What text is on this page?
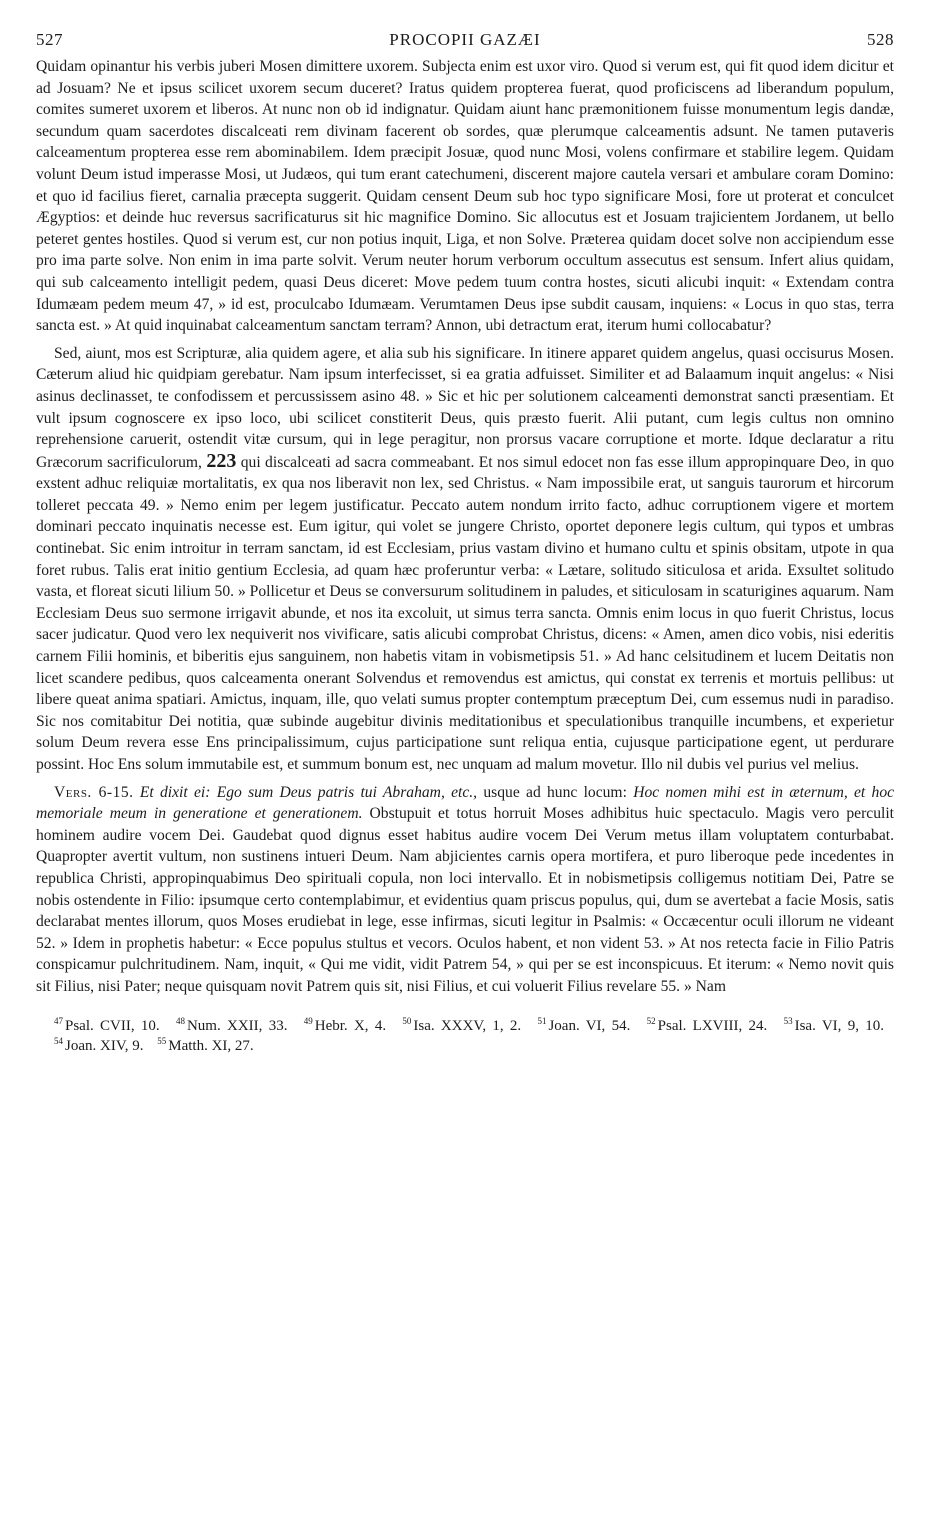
527	PROCOPII GAZÆI	528

Quidam opinantur his verbis juberi Mosen dimittere uxorem. Subjecta enim est uxor viro. Quod si verum est, qui fit quod idem dicitur et ad Josuam? Ne et ipsus scilicet uxorem secum duceret? Iratus quidem propterea fuerat, quod proficiscens ad liberandum populum, comites sumeret uxorem et liberos. At nunc non ob id indignatur. Quidam aiunt hanc præmonitionem fuisse monumentum legis dandæ, secundum quam sacerdotes discalceati rem divinam facerent ob sordes, quæ plerumque calceamentis adsunt. Ne tamen putaveris calceamentum propterea esse rem abominabilem. Idem præcipit Josuæ, quod nunc Mosi, volens confirmare et stabilire legem. Quidam volunt Deum istud imperasse Mosi, ut Judæos, qui tum erant catechumeni, discerent majore cautela versari et ambulare coram Domino: et quo id facilius fieret, carnalia præcepta suggerit. Quidam censent Deum sub hoc typo significare Mosi, fore ut proterat et conculcet Ægyptios: et deinde huc reversus sacrificaturus sit hic magnifice Domino. Sic allocutus est et Josuam trajicientem Jordanem, ut bello peteret gentes hostiles. Quod si verum est, cur non potius inquit, Liga, et non Solve. Præterea quidam docet solve non accipiendum esse pro ima parte solve. Non enim in ima parte solvit. Verum neuter horum verborum occultum assecutus est sensum. Infert alius quidam, qui sub calceamento intelligit pedem, quasi Deus diceret: Move pedem tuum contra hostes, sicuti alicubi inquit: « Extendam contra Idumæam pedem meum 47, » id est, proculcabo Idumæam. Verumtamen Deus ipse subdit causam, inquiens: « Locus in quo stas, terra sancta est. » At quid inquinabat calceamentum sanctam terram? Annon, ubi detractum erat, iterum humi collocabatur?

Sed, aiunt, mos est Scripturæ, alia quidem agere, et alia sub his significare. In itinere apparet quidem angelus, quasi occisurus Mosen. Cæterum aliud hic quidpiam gerebatur. Nam ipsum interfecisset, si ea gratia adfuisset. Similiter et ad Balaamum inquit angelus: « Nisi asinus declinasset, te confodissem et percussissem asino 48. » Sic et hic per solutionem calceamenti demonstrat sancti præsentiam. Et vult ipsum cognoscere ex ipso loco, ubi scilicet constiterit Deus, quis præsto fuerit. Alii putant, cum legis cultus non omnino reprehensione caruerit, ostendit vitæ cursum, qui in lege peragitur, non prorsus vacare corruptione et morte. Idque declaratur a ritu Græcorum sacrificulorum, 223 qui discalceati ad sacra commeabant. Et nos simul edocet non fas esse illum appropinquare Deo, in quo exstent adhuc reliquiæ mortalitatis, ex qua nos liberavit non lex, sed Christus. « Nam impossibile erat, ut sanguis taurorum et hircorum tolleret peccata 49. » Nemo enim per legem justificatur. Peccato autem nondum irrito facto, adhuc corruptionem vigere et mortem dominari peccato inquinatis necesse est. Eum igitur, qui volet se jungere Christo, oportet deponere legis cultum, qui typos et umbras continebat. Sic enim introitur in terram sanctam, id est Ecclesiam, prius vastam divino et humano cultu et spinis obsitam, utpote in qua foret rubus. Talis erat initio gentium Ecclesia, ad quam hæc proferuntur verba: « Lætare, solitudo siticulosa et arida. Exsultet solitudo vasta, et floreat sicuti lilium 50. » Pollicetur et Deus se conversurum solitudinem in paludes, et siticulosam in scaturigines aquarum. Nam Ecclesiam Deus suo sermone irrigavit abunde, et nos ita excoluit, ut simus terra sancta. Omnis enim locus in quo fuerit Christus, locus sacer judicatur. Quod vero lex nequiverit nos vivificare, satis alicubi comprobat Christus, dicens: « Amen, amen dico vobis, nisi ederitis carnem Filii hominis, et biberitis ejus sanguinem, non habetis vitam in vobismetipsis 51. » Ad hanc celsitudinem et lucem Deitatis non licet scandere pedibus, quos calceamenta onerant Solvendus et removendus est amictus, qui constat ex terrenis et mortuis pellibus: ut libere queat anima spatiari. Amictus, inquam, ille, quo velati sumus propter contemptum præceptum Dei, cum essemus nudi in paradiso. Sic nos comitabitur Dei notitia, quæ subinde augebitur divinis meditationibus et speculationibus tranquille incumbens, et experietur solum Deum revera esse Ens principalissimum, cujus participatione sunt reliqua entia, cujusque participatione egent, ut perdurare possint. Hoc Ens solum immutabile est, et summum bonum est, nec unquam ad malum movetur. Illo nil dubis vel purius vel melius.

Vers. 6-15. Et dixit ei: Ego sum Deus patris tui Abraham, etc., usque ad hunc locum: Hoc nomen mihi est in æternum, et hoc memoriale meum in generatione et generationem. Obstupuit et totus horruit Moses adhibitus huic spectaculo. Magis vero perculit hominem audire vocem Dei. Gaudebat quod dignus esset habitus audire vocem Dei Verum metus illam voluptatem conturbabat. Quapropter avertit vultum, non sustinens intueri Deum. Nam abjicientes carnis opera mortifera, et puro liberoque pede incedentes in republica Christi, appropinquabimus Deo spirituali copula, non loci intervallo. Et in nobismetipsis colligemus notitiam Dei, Patre se nobis ostendente in Filio: ipsumque certo contemplabimur, et evidentius quam priscus populus, qui, dum se avertebat a facie Mosis, satis declarabat mentes illorum, quos Moses erudiebat in lege, esse infirmas, sicuti legitur in Psalmis: « Occæcentur oculi illorum ne videant 52. » Idem in prophetis habetur: « Ecce populus stultus et vecors. Oculos habent, et non vident 53. » At nos retecta facie in Filio Patris conspicamur pulchritudinem. Nam, inquit, « Qui me vidit, vidit Patrem 54, » qui per se est inconspicuus. Et iterum: « Nemo novit quis sit Filius, nisi Pater; neque quisquam novit Patrem quis sit, nisi Filius, et cui voluerit Filius revelare 55. » Nam

$^{47}$ Psal. CVII, 10. $^{48}$ Num. XXII, 33. $^{49}$ Hebr. X, 4. $^{50}$ Isa. XXXV, 1, 2. $^{51}$ Joan. VI, 54. $^{52}$ Psal. LXVIII, 24. $^{53}$ Isa. VI, 9, 10. $^{54}$ Joan. XIV, 9. $^{55}$ Matth. XI, 27.
